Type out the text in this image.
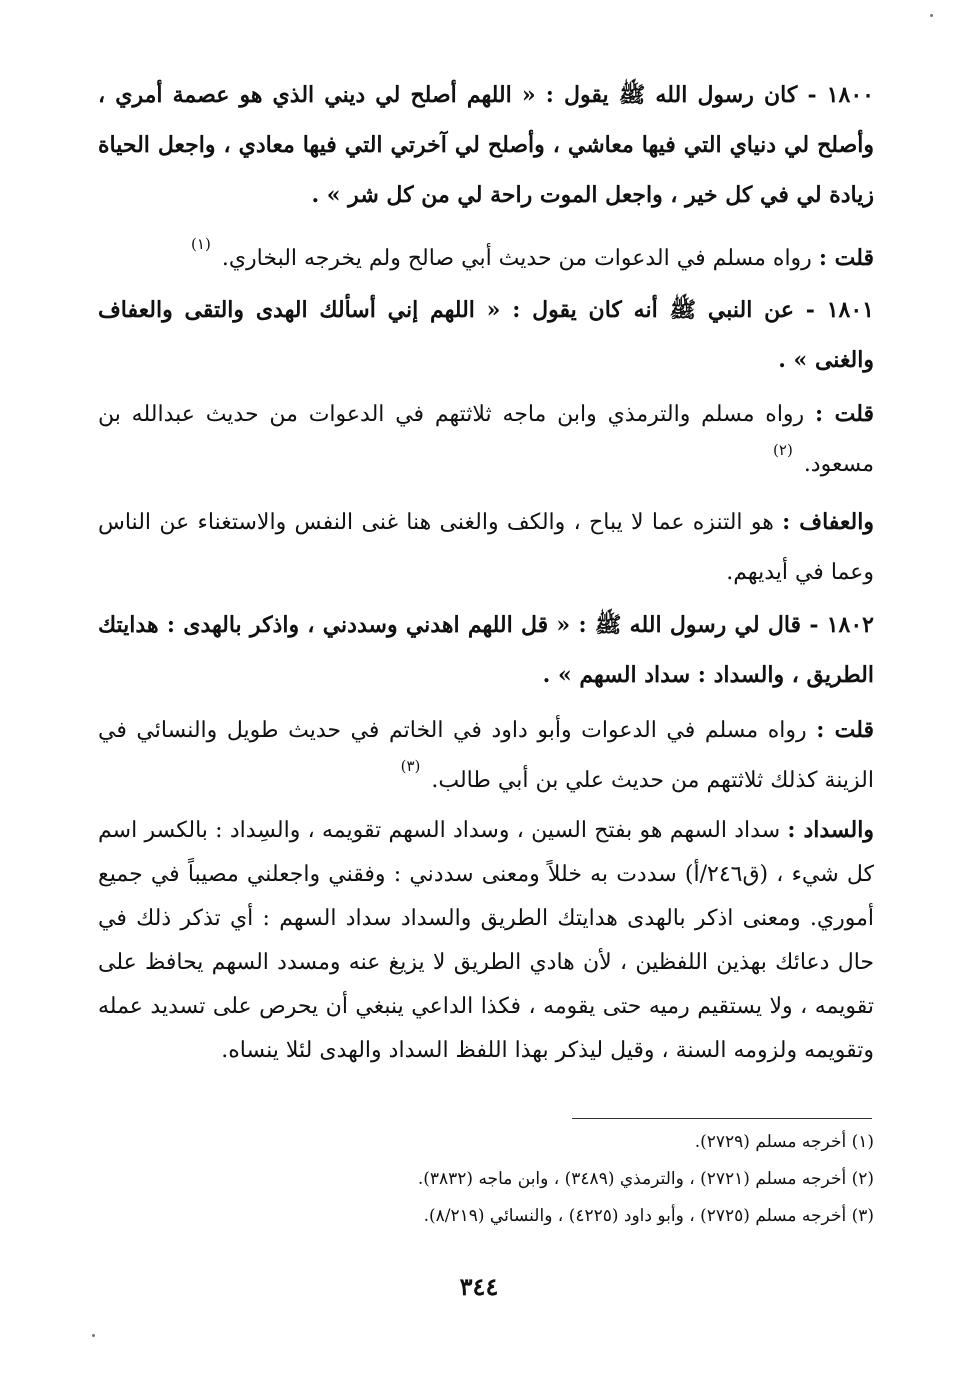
١٨٠٠ - كان رسول الله ﷺ يقول : « اللهم أصلح لي ديني الذي هو عصمة أمري ، وأصلح لي دنياي التي فيها معاشي ، وأصلح لي آخرتي التي فيها معادي ، واجعل الحياة زيادة لي في كل خير ، واجعل الموت راحة لي من كل شر » .
قلت : رواه مسلم في الدعوات من حديث أبي صالح ولم يخرجه البخاري. $^{(١)}$
١٨٠١ - عن النبي ﷺ أنه كان يقول : « اللهم إني أسألك الهدى والتقى والعفاف والغنى » .
قلت : رواه مسلم والترمذي وابن ماجه ثلاثتهم في الدعوات من حديث عبدالله بن مسعود. $^{(٢)}$
والعفاف : هو التنزه عما لا يباح ، والكف والغنى هنا غنى النفس والاستغناء عن الناس وعما في أيديهم.
١٨٠٢ - قال لي رسول الله ﷺ : « قل اللهم اهدني وسددني ، واذكر بالهدى : هدايتك الطريق ، والسداد : سداد السهم » .
قلت : رواه مسلم في الدعوات وأبو داود في الخاتم في حديث طويل والنسائي في الزينة كذلك ثلاثتهم من حديث علي بن أبي طالب. $^{(٣)}$
والسداد : سداد السهم هو بفتح السين ، وسداد السهم تقويمه ، والسِداد : بالكسر اسم كل شيء ، (ق٢٤٦/أ) سددت به خللاً ومعنى سددني : وفقني واجعلني مصيباً في جميع أموري. ومعنى اذكر بالهدى هدايتك الطريق والسداد سداد السهم : أي تذكر ذلك في حال دعائك بهذين اللفظين ، لأن هادي الطريق لا يزيغ عنه ومسدد السهم يحافظ على تقويمه ، ولا يستقيم رميه حتى يقومه ، فكذا الداعي ينبغي أن يحرص على تسديد عمله وتقويمه ولزومه السنة ، وقيل ليذكر بهذا اللفظ السداد والهدى لئلا ينساه.
(١) أخرجه مسلم (٢٧٢٩).
(٢) أخرجه مسلم (٢٧٢١) ، والترمذي (٣٤٨٩) ، وابن ماجه (٣٨٣٢).
(٣) أخرجه مسلم (٢٧٢٥) ، وأبو داود (٤٢٢٥) ، والنسائي (٨/٢١٩).
٣٤٤
